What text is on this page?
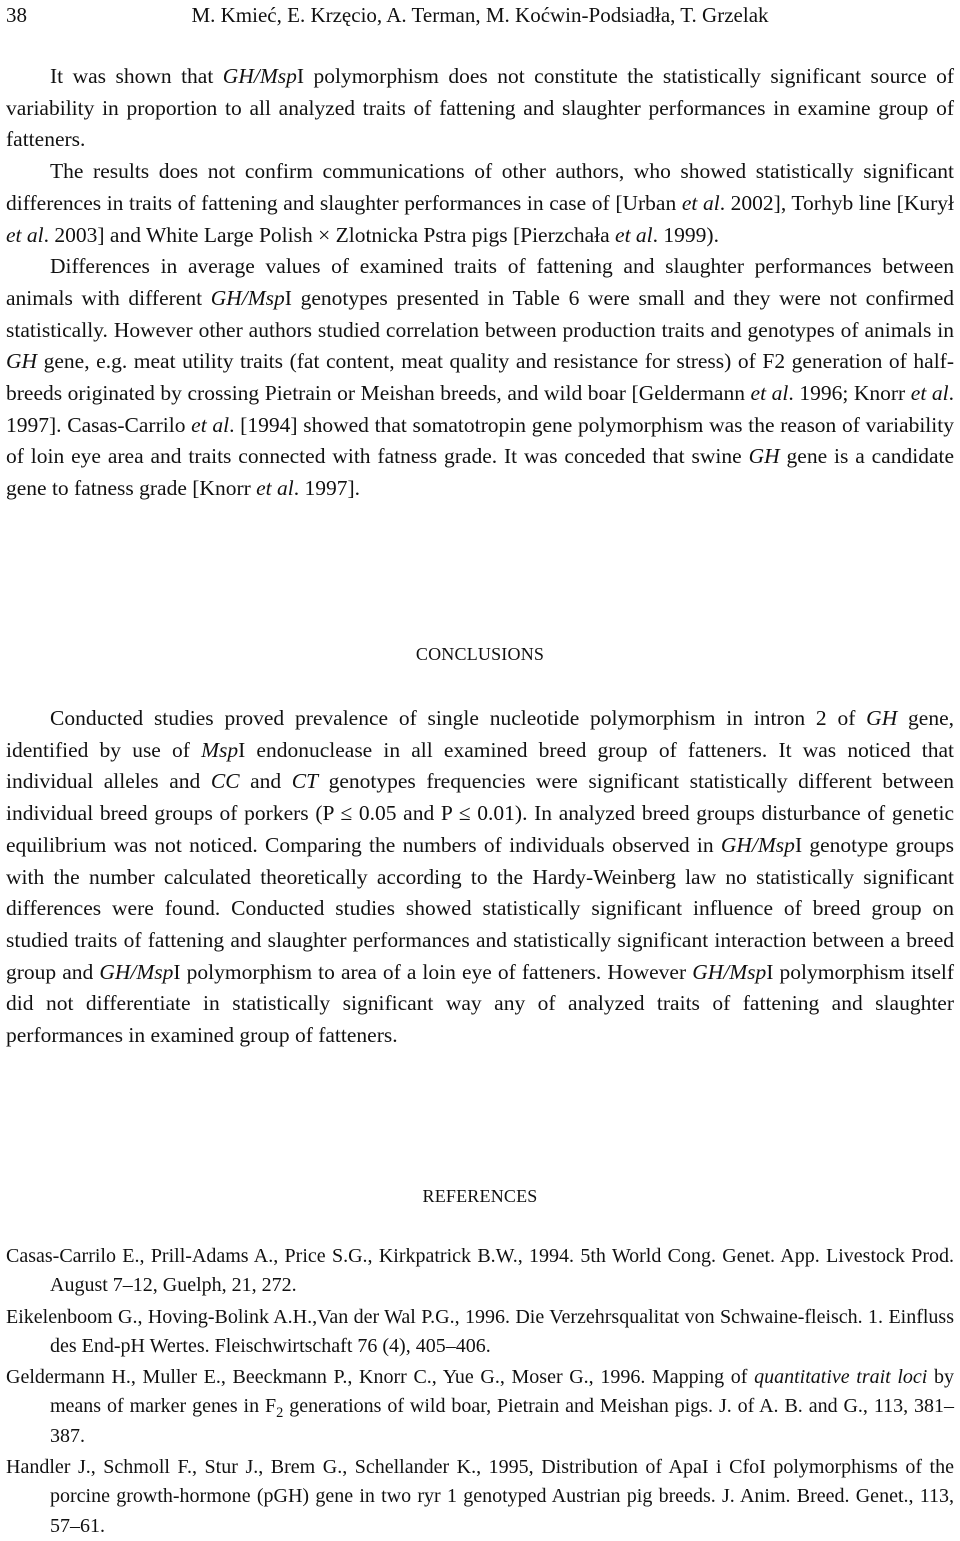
38	M. Kmieć, E. Krzęcio, A. Terman, M. Koćwin-Podsiadła, T. Grzelak

It was shown that GH/MspI polymorphism does not constitute the statistically significant source of variability in proportion to all analyzed traits of fattening and slaughter performances in examine group of fatteners.

The results does not confirm communications of other authors, who showed statistically significant differences in traits of fattening and slaughter performances in case of [Urban et al. 2002], Torhyb line [Kurył et al. 2003] and White Large Polish × Zlotnicka Pstra pigs [Pierzchała et al. 1999).

Differences in average values of examined traits of fattening and slaughter performances between animals with different GH/MspI genotypes presented in Table 6 were small and they were not confirmed statistically. However other authors studied correlation between production traits and genotypes of animals in GH gene, e.g. meat utility traits (fat content, meat quality and resistance for stress) of F2 generation of half-breeds originated by crossing Pietrain or Meishan breeds, and wild boar [Geldermann et al. 1996; Knorr et al. 1997]. Casas-Carrilo et al. [1994] showed that somatotropin gene polymorphism was the reason of variability of loin eye area and traits connected with fatness grade. It was conceded that swine GH gene is a candidate gene to fatness grade [Knorr et al. 1997].

CONCLUSIONS

Conducted studies proved prevalence of single nucleotide polymorphism in intron 2 of GH gene, identified by use of MspI endonuclease in all examined breed group of fatteners. It was noticed that individual alleles and CC and CT genotypes frequencies were significant statistically different between individual breed groups of porkers (P ≤ 0.05 and P ≤ 0.01). In analyzed breed groups disturbance of genetic equilibrium was not noticed. Comparing the numbers of individuals observed in GH/MspI genotype groups with the number calculated theoretically according to the Hardy-Weinberg law no statistically significant differences were found. Conducted studies showed statistically significant influence of breed group on studied traits of fattening and slaughter performances and statistically significant interaction between a breed group and GH/MspI polymorphism to area of a loin eye of fatteners. However GH/MspI polymorphism itself did not differentiate in statistically significant way any of analyzed traits of fattening and slaughter performances in examined group of fatteners.

REFERENCES

Casas-Carrilo E., Prill-Adams A., Price S.G., Kirkpatrick B.W., 1994. 5th World Cong. Genet. App. Livestock Prod. August 7–12, Guelph, 21, 272.

Eikelenboom G., Hoving-Bolink A.H.,Van der Wal P.G., 1996. Die Verzehrsqualitat von Schwaine-fleisch. 1. Einfluss des End-pH Wertes. Fleischwirtschaft 76 (4), 405–406.

Geldermann H., Muller E., Beeckmann P., Knorr C., Yue G., Moser G., 1996. Mapping of quantitative trait loci by means of marker genes in $F_2$ generations of wild boar, Pietrain and Meishan pigs. J. of A. B. and G., 113, 381–387.

Handler J., Schmoll F., Stur J., Brem G., Schellander K., 1995, Distribution of ApaI i CfoI polymorphisms of the porcine growth-hormone (pGH) gene in two ryr 1 genotyped Austrian pig breeds. J. Anim. Breed. Genet., 113, 57–61.
